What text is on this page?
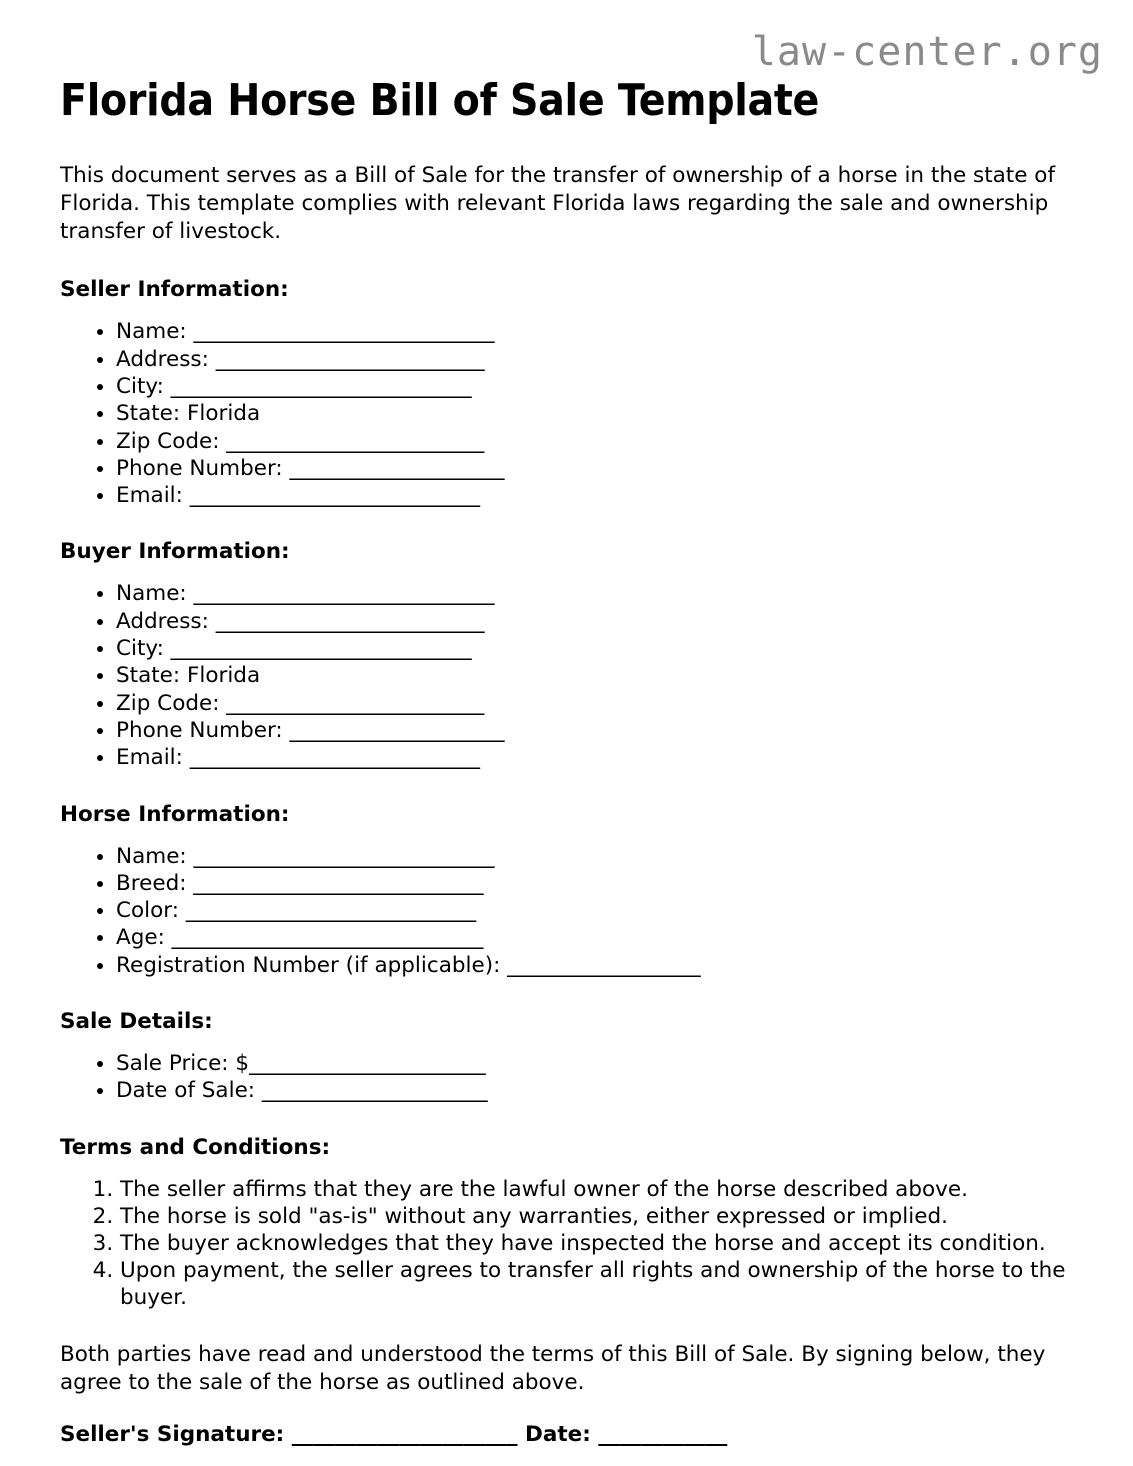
law-center.org
Florida Horse Bill of Sale Template

This document serves as a Bill of Sale for the transfer of ownership of a horse in the state of Florida. This template complies with relevant Florida laws regarding the sale and ownership transfer of livestock.

Seller Information:
• Name: ____________________________
• Address: _________________________
• City: ____________________________
• State: Florida
• Zip Code: ________________________
• Phone Number: ____________________
• Email: ___________________________
Buyer Information:
• Name: ____________________________
• Address: _________________________
• City: ____________________________
• State: Florida
• Zip Code: ________________________
• Phone Number: ____________________
• Email: ___________________________
Horse Information:
• Name: ____________________________
• Breed: ___________________________
• Color: ___________________________
• Age: _____________________________
• Registration Number (if applicable): __________________
Sale Details:
• Sale Price: $______________________
• Date of Sale: _____________________
Terms and Conditions:
1. The seller affirms that they are the lawful owner of the horse described above.
2. The horse is sold "as-is" without any warranties, either expressed or implied.
3. The buyer acknowledges that they have inspected the horse and accept its condition.
4. Upon payment, the seller agrees to transfer all rights and ownership of the horse to the buyer.

Both parties have read and understood the terms of this Bill of Sale. By signing below, they agree to the sale of the horse as outlined above.

Seller's Signature: _____________________ Date: ____________
